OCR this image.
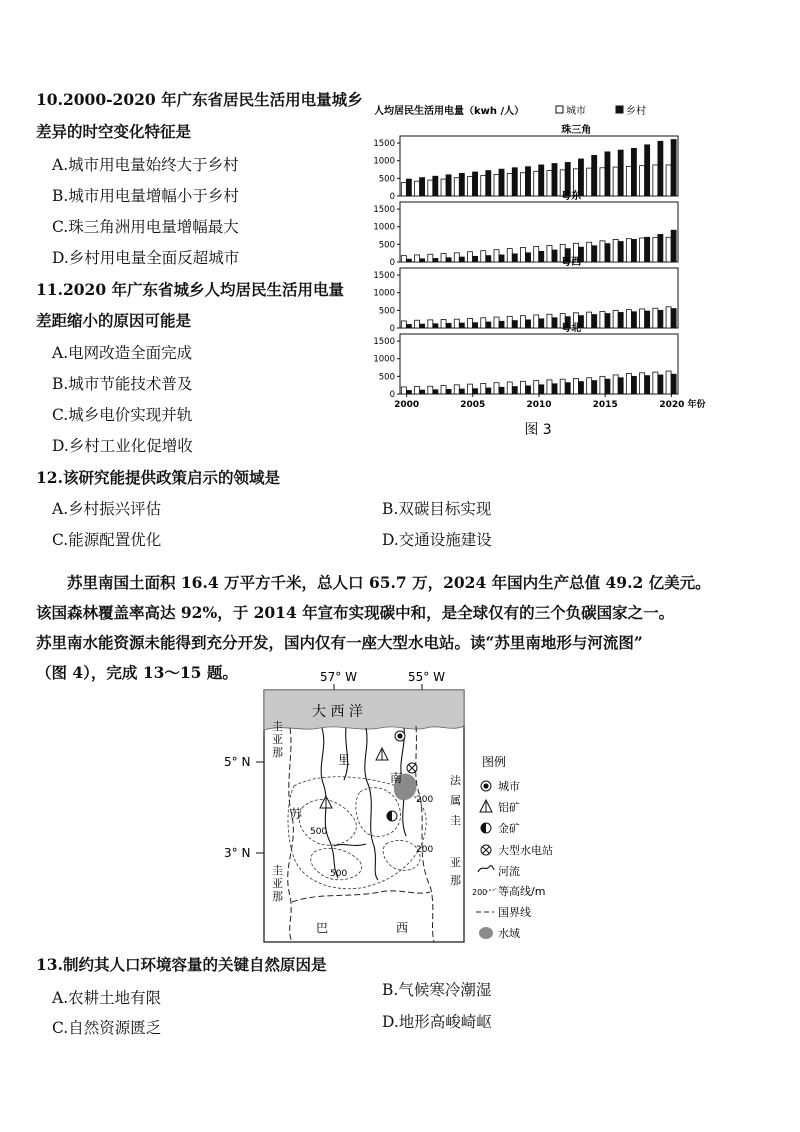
10.2000-2020 年广东省居民生活用电量城乡
差异的时空变化特征是
A.城市用电量始终大于乡村
B.城市用电量增幅小于乡村
C.珠三角洲用电量增幅最大
D.乡村用电量全面反超城市
11.2020 年广东省城乡人均居民生活用电量
差距缩小的原因可能是
A.电网改造全面完成
B.城市节能技术普及
C.城乡电价实现并轨
D.乡村工业化促增收
12.该研究能提供政策启示的领域是
A.乡村振兴评估	B.双碳目标实现
C.能源配置优化	D.交通设施建设
人均居民生活用电量（kwh /人）	城市	乡村
珠三角
0
500
1000
1500
粤东
0
500
1000
1500
粤西
0
500
1000
1500
粤北
0
500
1000
1500
2000	2005	2010	2015	2020 年份
图 3

苏里南国土面积 16.4 万平方千米，总人口 65.7 万，2024 年国内生产总值 49.2 亿美元。

该国森林覆盖率高达 92%，于 2014 年宣布实现碳中和，是全球仅有的三个负碳国家之一。

苏里南水能资源未能得到充分开发，国内仅有一座大型水电站。读“苏里南地形与河流图”

（图 4），完成 13～15 题。	57° W	55° W
5° N
3° N
大 西 洋
500
500
200
200
苏
里
南
圭
亚
那
圭
亚
那
法
属
圭
亚
那
巴	西
图例
城市
铝矿
金矿
大型水电站
河流
200 等高线/m
国界线
水域
13.制约其人口环境容量的关键自然原因是
A.农耕土地有限	B.气候寒冷潮湿
C.自然资源匮乏	D.地形高峻崎岖
